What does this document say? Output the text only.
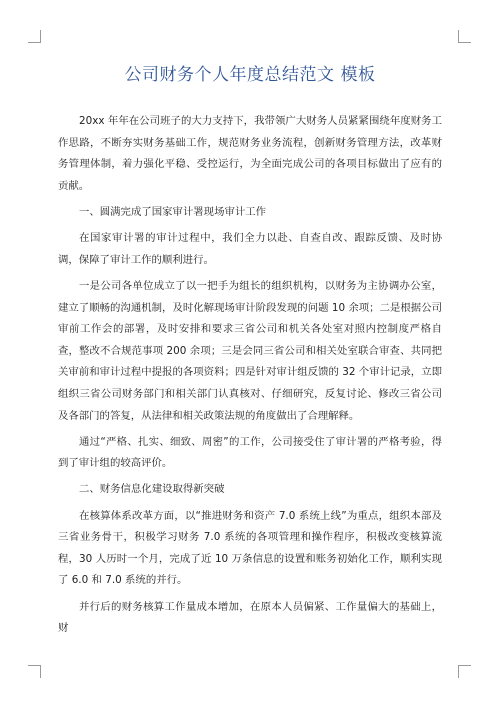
公司财务个人年度总结范文 模板

20xx 年年在公司班子的大力支持下，我带领广大财务人员紧紧围绕年度财务工作思路，不断夯实财务基础工作，规范财务业务流程，创新财务管理方法，改革财务管理体制，着力强化平稳、受控运行，为全面完成公司的各项目标做出了应有的贡献。

一、圆满完成了国家审计署现场审计工作

在国家审计署的审计过程中，我们全力以赴、自查自改、跟踪反馈、及时协调，保障了审计工作的顺利进行。

一是公司各单位成立了以一把手为组长的组织机构，以财务为主协调办公室，建立了顺畅的沟通机制，及时化解现场审计阶段发现的问题 10 余项；二是根据公司审前工作会的部署，及时安排和要求三省公司和机关各处室对照内控制度严格自查，整改不合规范事项 200 余项；三是会同三省公司和相关处室联合审查、共同把关审前和审计过程中提报的各项资料；四是针对审计组反馈的 32 个审计记录，立即组织三省公司财务部门和相关部门认真核对、仔细研究，反复讨论、修改三省公司及各部门的答复，从法律和相关政策法规的角度做出了合理解释。

通过“严格、扎实、细致、周密”的工作，公司接受住了审计署的严格考验，得到了审计组的较高评价。

二、财务信息化建设取得新突破

在核算体系改革方面，以“推进财务和资产 7.0 系统上线”为重点，组织本部及三省业务骨干，积极学习财务 7.0 系统的各项管理和操作程序，积极改变核算流程，30 人历时一个月，完成了近 10 万条信息的设置和账务初始化工作，顺利实现了 6.0 和 7.0 系统的并行。

并行后的财务核算工作量成本增加，在原本人员偏紧、工作量偏大的基础上，财
